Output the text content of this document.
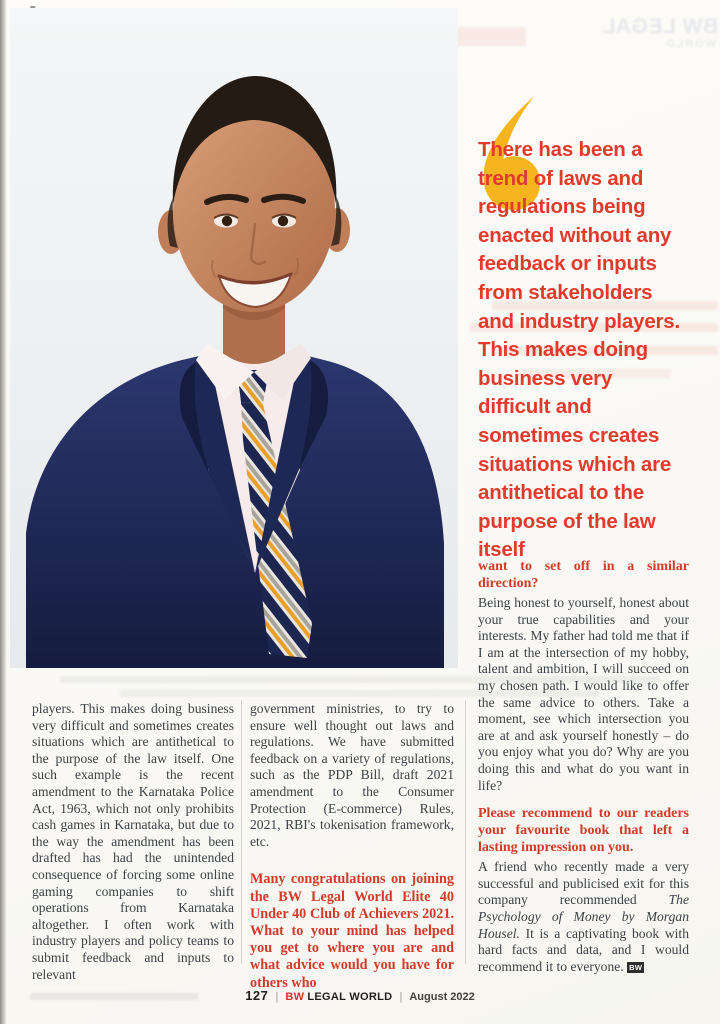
BW LEGAL
WORLD
There has been a trend of laws and regulations being enacted without any feedback or inputs from stakeholders and industry players. This makes doing business very difficult and sometimes creates situations which are antithetical to the purpose of the law itself
players. This makes doing business very difficult and sometimes creates situations which are antithetical to the purpose of the law itself. One such example is the recent amendment to the Karnataka Police Act, 1963, which not only prohibits cash games in Karnataka, but due to the way the amendment has been drafted has had the unintended consequence of forcing some online gaming companies to shift operations from Karnataka altogether. I often work with industry players and policy teams to submit feedback and inputs to relevant
government ministries, to try to ensure well thought out laws and regulations. We have submitted feedback on a variety of regulations, such as the PDP Bill, draft 2021 amendment to the Consumer Protection (E-commerce) Rules, 2021, RBI's tokenisation framework, etc.
Many congratulations on joining the BW Legal World Elite 40 Under 40 Club of Achievers 2021. What to your mind has helped you get to where you are and what advice would you have for others who
want to set off in a similar direction?
Being honest to yourself, honest about your true capabilities and your interests. My father had told me that if I am at the intersection of my hobby, talent and ambition, I will succeed on my chosen path. I would like to offer the same advice to others. Take a moment, see which intersection you are at and ask yourself honestly – do you enjoy what you do? Why are you doing this and what do you want in life?
Please recommend to our readers your favourite book that left a lasting impression on you.
A friend who recently made a very successful and publicised exit for this company recommended The Psychology of Money by Morgan Housel. It is a captivating book with hard facts and data, and I would recommend it to everyone. BW
127 | BW LEGAL WORLD | August 2022
